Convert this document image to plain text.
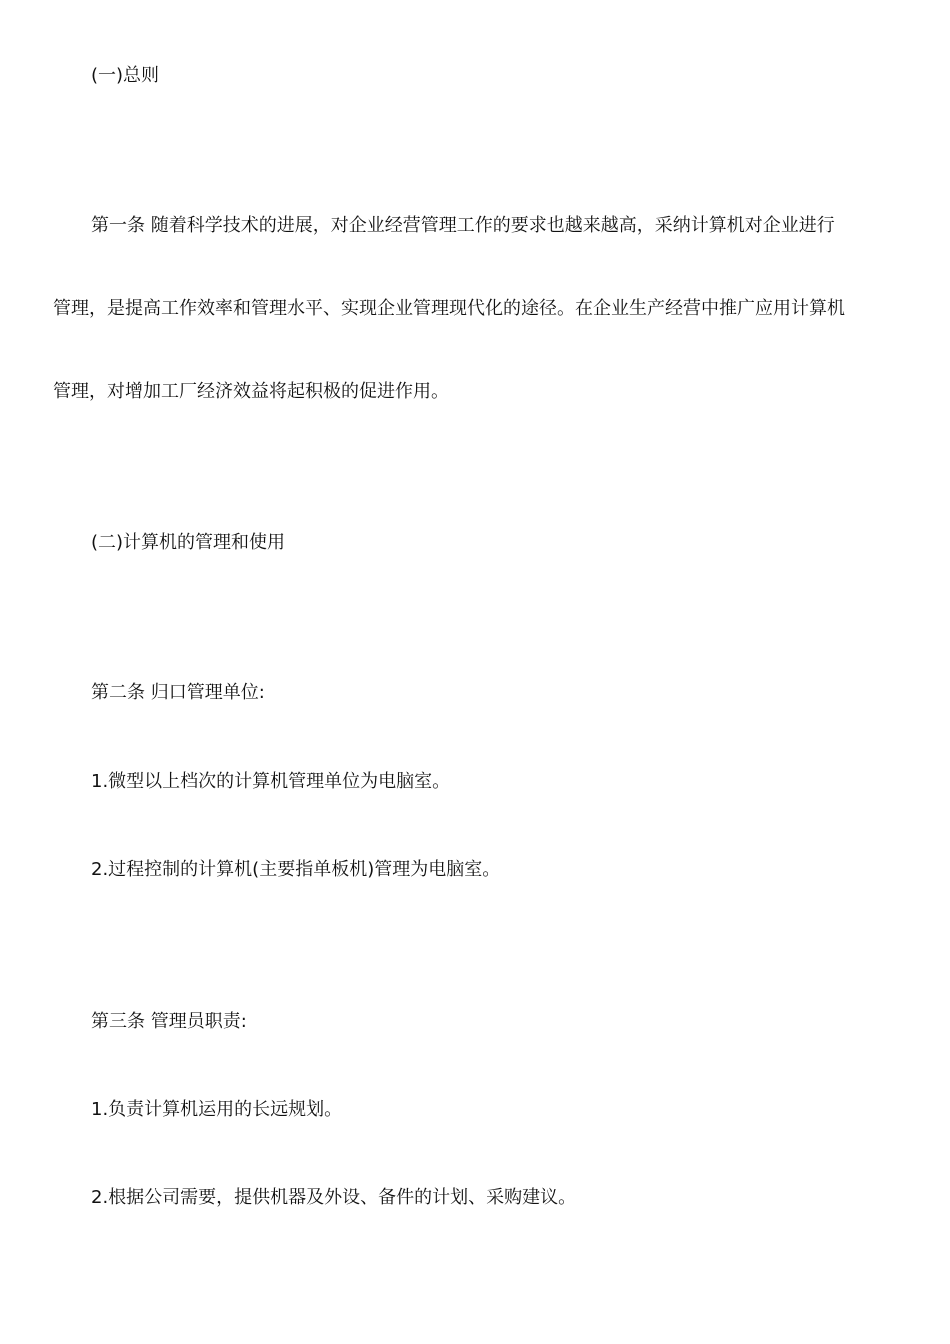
(一)总则
第一条 随着科学技术的进展，对企业经营管理工作的要求也越来越高，采纳计算机对企业进行
管理，是提高工作效率和管理水平、实现企业管理现代化的途径。在企业生产经营中推广应用计算机
管理，对增加工厂经济效益将起积极的促进作用。
(二)计算机的管理和使用
第二条 归口管理单位:
1.微型以上档次的计算机管理单位为电脑室。
2.过程控制的计算机(主要指单板机)管理为电脑室。
第三条 管理员职责:
1.负责计算机运用的长远规划。
2.根据公司需要，提供机器及外设、备件的计划、采购建议。
